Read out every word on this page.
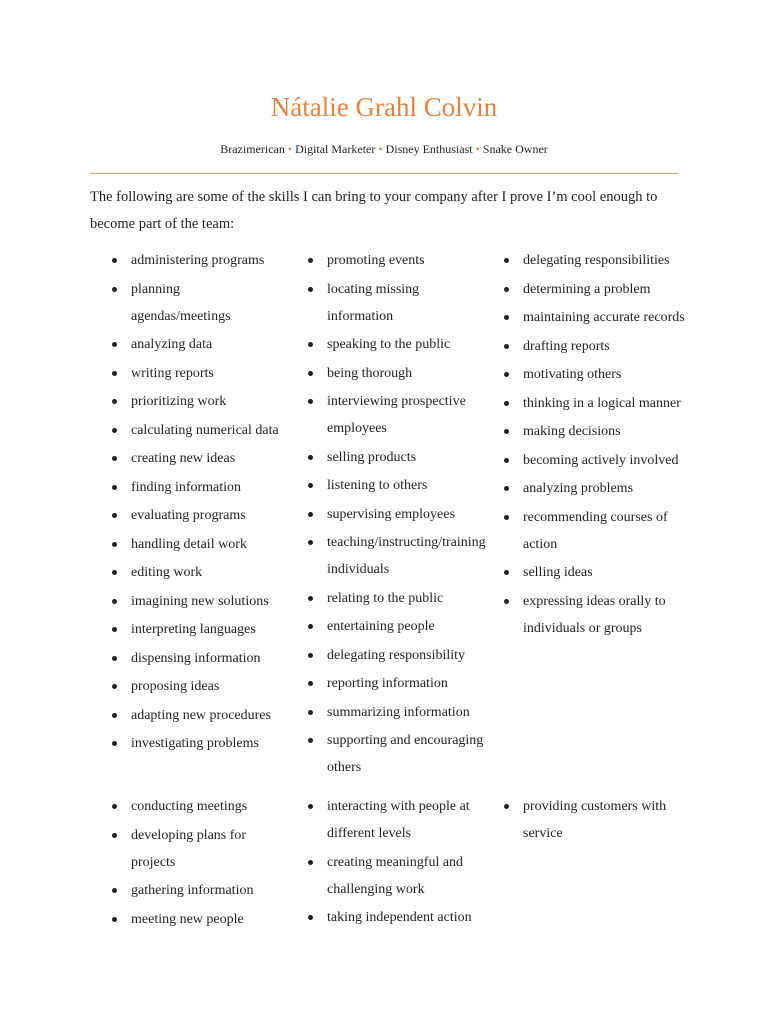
Nátalie Grahl Colvin
Brazimerican • Digital Marketer • Disney Enthusiast • Snake Owner

The following are some of the skills I can bring to your company after I prove I’m cool enough to become part of the team:

administering programs
planning agendas/meetings
analyzing data
writing reports
prioritizing work
calculating numerical data
creating new ideas
finding information
evaluating programs
handling detail work
editing work
imagining new solutions
interpreting languages
dispensing information
proposing ideas
adapting new procedures
investigating problems
promoting events
locating missing information
speaking to the public
being thorough
interviewing prospective employees
selling products
listening to others
supervising employees
teaching/instructing/training individuals
relating to the public
entertaining people
delegating responsibility
reporting information
summarizing information
supporting and encouraging others
delegating responsibilities
determining a problem
maintaining accurate records
drafting reports
motivating others
thinking in a logical manner
making decisions
becoming actively involved
analyzing problems
recommending courses of action
selling ideas
expressing ideas orally to individuals or groups
conducting meetings
developing plans for projects
gathering information
meeting new people
interacting with people at different levels
creating meaningful and challenging work
taking independent action
providing customers with service
